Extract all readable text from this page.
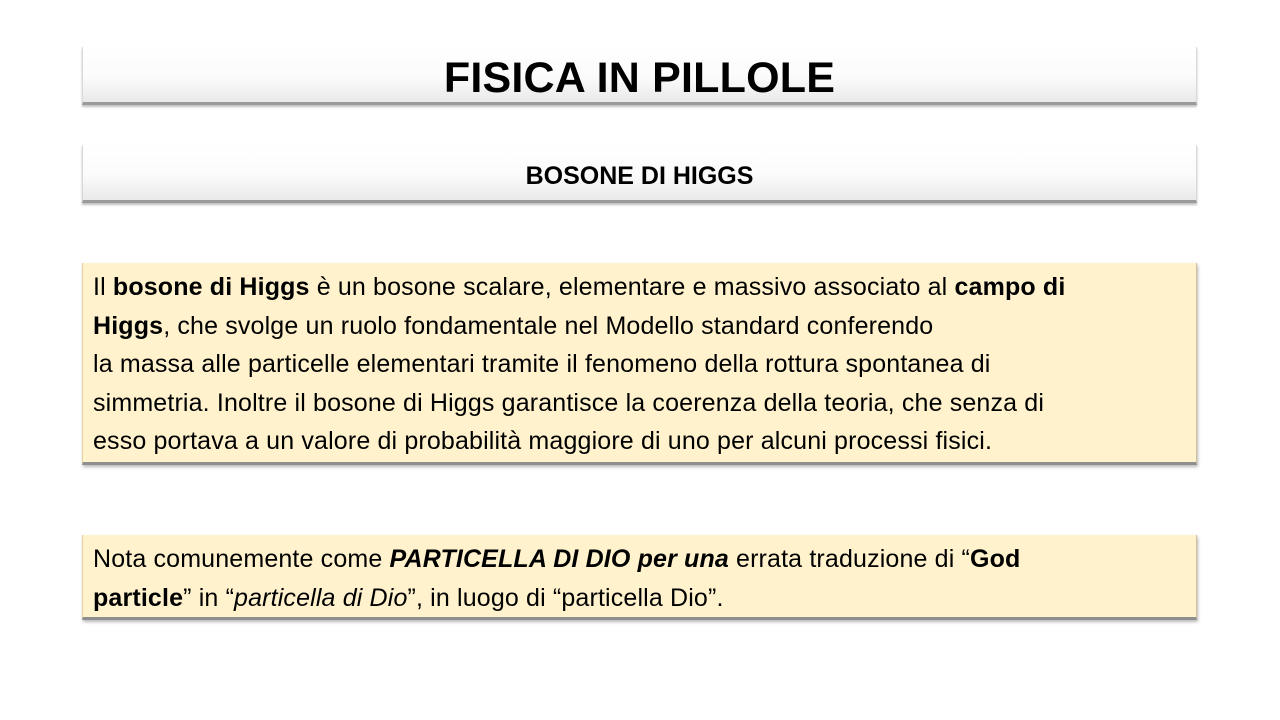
FISICA IN PILLOLE
BOSONE DI HIGGS
Il bosone di Higgs è un bosone scalare, elementare e massivo associato al campo di
Higgs, che svolge un ruolo fondamentale nel Modello standard conferendo
la massa alle particelle elementari tramite il fenomeno della rottura spontanea di
simmetria. Inoltre il bosone di Higgs garantisce la coerenza della teoria, che senza di
esso portava a un valore di probabilità maggiore di uno per alcuni processi fisici.
Nota comunemente come PARTICELLA DI DIO per una errata traduzione di “God
particle” in “particella di Dio”, in luogo di “particella Dio”.
